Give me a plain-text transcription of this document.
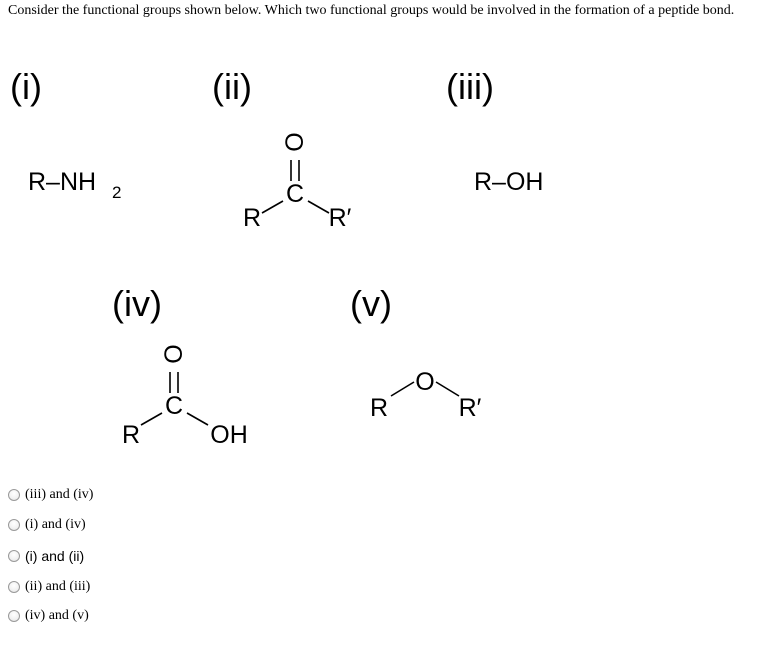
Consider the functional groups shown below. Which two functional groups would be involved in the formation of a peptide bond.
(i)
R–NH 2
(ii)
O
C
R	R′
(iii)
R–OH
(iv)
O
C
R	OH
(v)
O
R	R′
(iii) and (iv)
(i) and (iv)
(i) and (ii)
(ii) and (iii)
(iv) and (v)
